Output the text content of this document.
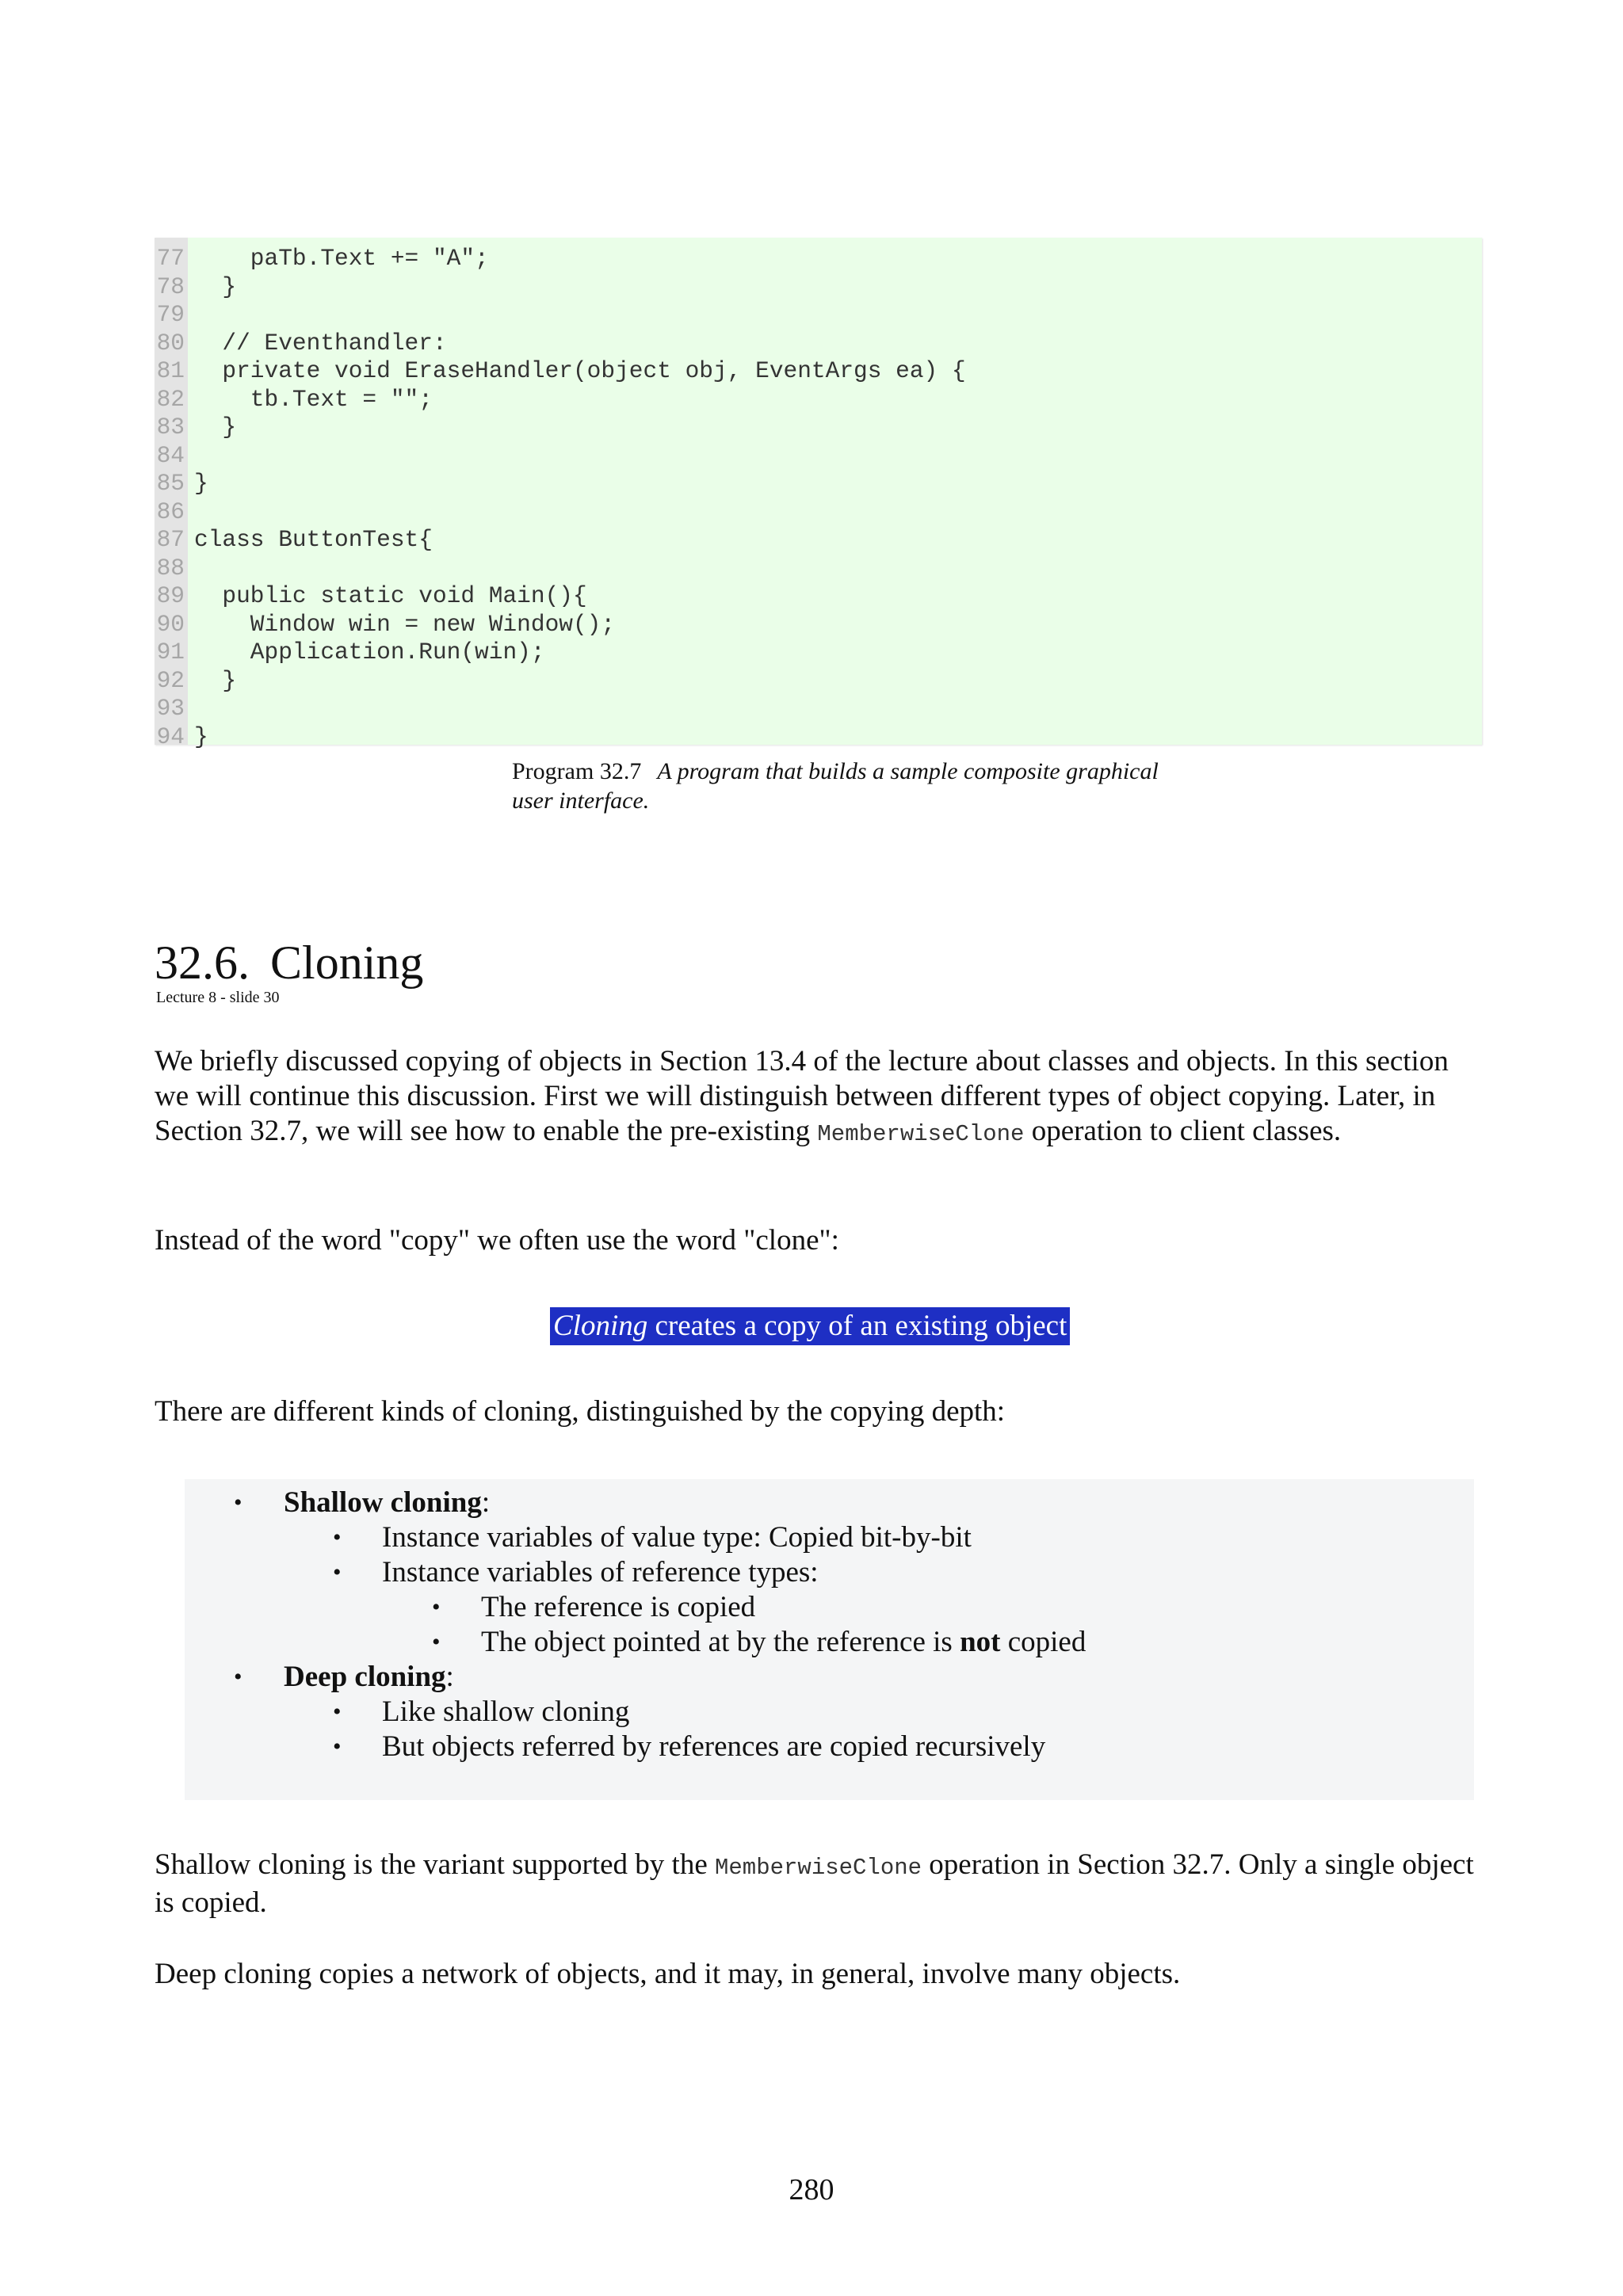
77 paTb.Text += "A";
78 }
79
80 // Eventhandler:
81 private void EraseHandler(object obj, EventArgs ea) {
82 tb.Text = "";
83 }
84
85 }
86
87 class ButtonTest{
88
89 public static void Main(){
90 Window win = new Window();
91 Application.Run(win);
92 }
93
94 }
Program 32.7 A program that builds a sample composite graphical user interface.
32.6. Cloning
Lecture 8 - slide 30

We briefly discussed copying of objects in Section 13.4 of the lecture about classes and objects. In this section we will continue this discussion. First we will distinguish between different types of object copying. Later, in Section 32.7, we will see how to enable the pre-existing MemberwiseClone operation to client classes.

Instead of the word "copy" we often use the word "clone":

Cloning creates a copy of an existing object

There are different kinds of cloning, distinguished by the copying depth:

• Shallow cloning:
• Instance variables of value type: Copied bit-by-bit
• Instance variables of reference types:
• The reference is copied
• The object pointed at by the reference is not copied
• Deep cloning:
• Like shallow cloning
• But objects referred by references are copied recursively

Shallow cloning is the variant supported by the MemberwiseClone operation in Section 32.7. Only a single object is copied.

Deep cloning copies a network of objects, and it may, in general, involve many objects.

280
